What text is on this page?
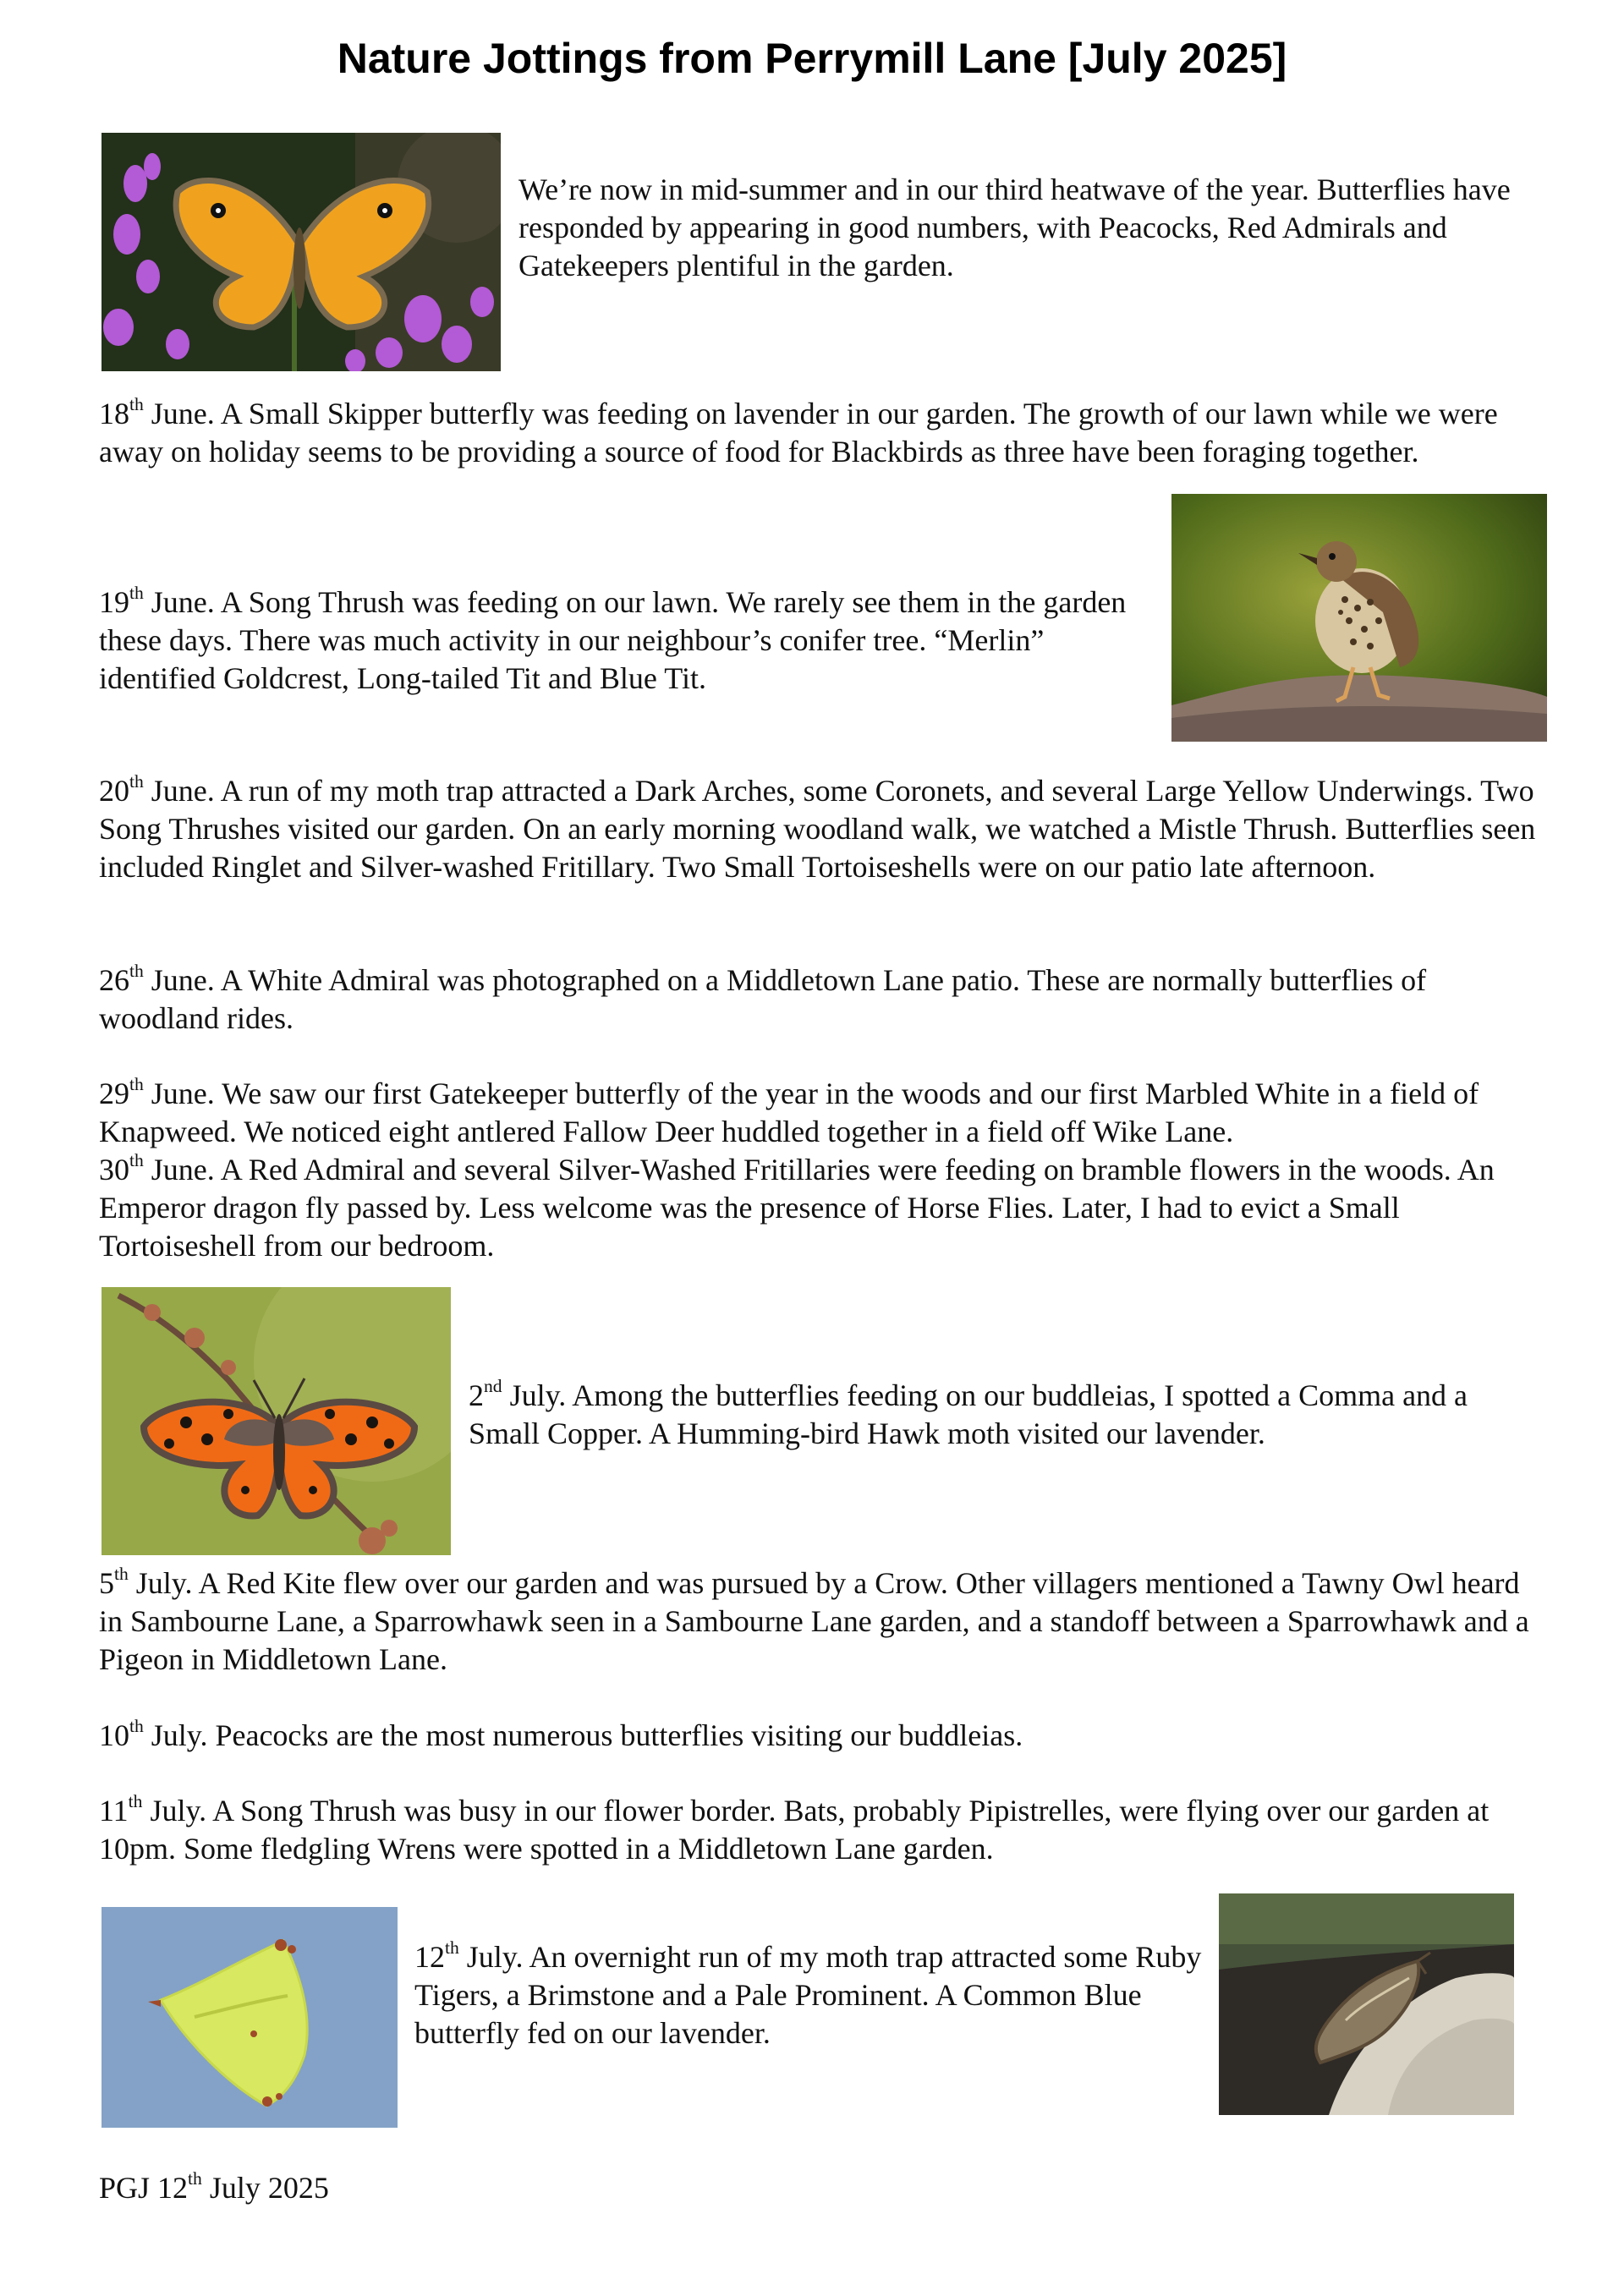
Nature Jottings from Perrymill Lane [July 2025]

We’re now in mid-summer and in our third heatwave of the year. Butterflies have responded by appearing in good numbers, with Peacocks, Red Admirals and Gatekeepers plentiful in the garden.

18th June. A Small Skipper butterfly was feeding on lavender in our garden. The growth of our lawn while we were away on holiday seems to be providing a source of food for Blackbirds as three have been foraging together.

19th June. A Song Thrush was feeding on our lawn. We rarely see them in the garden these days. There was much activity in our neighbour’s conifer tree. “Merlin” identified Goldcrest, Long-tailed Tit and Blue Tit.

20th June. A run of my moth trap attracted a Dark Arches, some Coronets, and several Large Yellow Underwings. Two Song Thrushes visited our garden. On an early morning woodland walk, we watched a Mistle Thrush. Butterflies seen included Ringlet and Silver-washed Fritillary. Two Small Tortoiseshells were on our patio late afternoon.

26th June. A White Admiral was photographed on a Middletown Lane patio. These are normally butterflies of woodland rides.

29th June. We saw our first Gatekeeper butterfly of the year in the woods and our first Marbled White in a field of Knapweed. We noticed eight antlered Fallow Deer huddled together in a field off Wike Lane.

30th June. A Red Admiral and several Silver-Washed Fritillaries were feeding on bramble flowers in the woods. An Emperor dragon fly passed by. Less welcome was the presence of Horse Flies. Later, I had to evict a Small Tortoiseshell from our bedroom.

2nd July. Among the butterflies feeding on our buddleias, I spotted a Comma and a Small Copper. A Humming-bird Hawk moth visited our lavender.

5th July. A Red Kite flew over our garden and was pursued by a Crow. Other villagers mentioned a Tawny Owl heard in Sambourne Lane, a Sparrowhawk seen in a Sambourne Lane garden, and a standoff between a Sparrowhawk and a Pigeon in Middletown Lane.

10th July. Peacocks are the most numerous butterflies visiting our buddleias.

11th July. A Song Thrush was busy in our flower border. Bats, probably Pipistrelles, were flying over our garden at 10pm. Some fledgling Wrens were spotted in a Middletown Lane garden.

12th July. An overnight run of my moth trap attracted some Ruby Tigers, a Brimstone and a Pale Prominent. A Common Blue butterfly fed on our lavender.

PGJ 12th July 2025
